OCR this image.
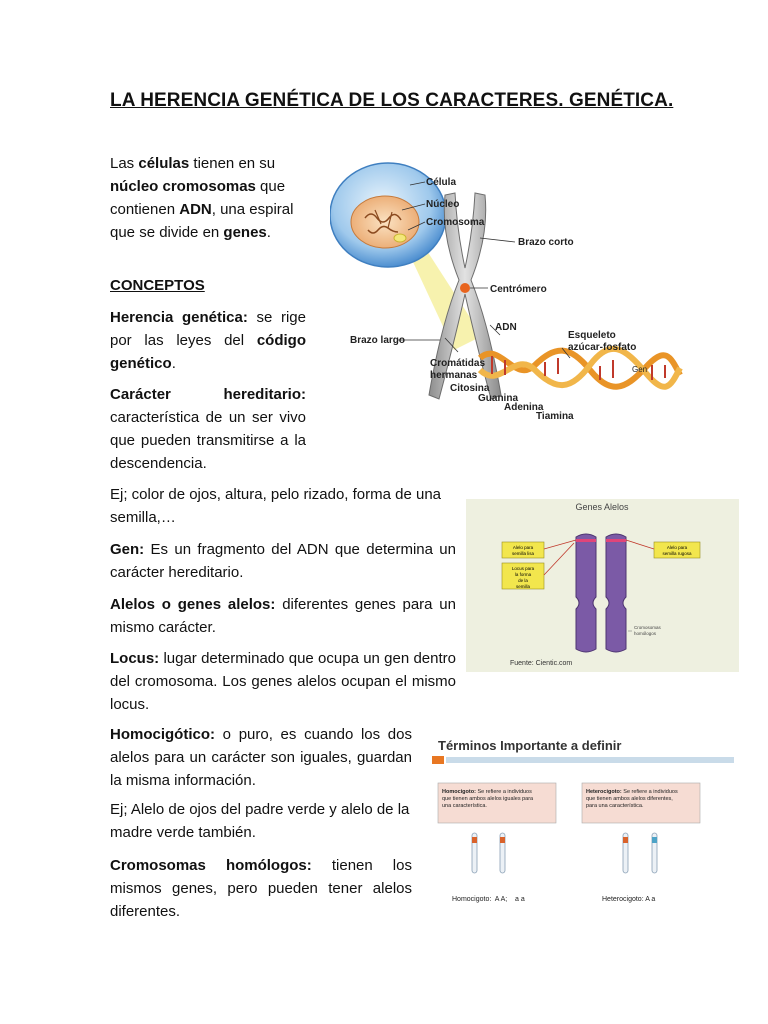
LA HERENCIA GENÉTICA DE LOS CARACTERES. GENÉTICA.

Las células tienen en su
núcleo cromosomas que contienen ADN, una espiral que se divide en genes.

CONCEPTOS

Herencia genética: se rige por las leyes del código genético.

Carácter hereditario: característica de un ser vivo que pueden transmitirse a la descendencia.

Ej; color de ojos, altura, pelo rizado, forma de una semilla,…

Gen: Es un fragmento del ADN que determina un carácter hereditario.

Alelos o genes alelos: diferentes genes para un mismo carácter.

Locus: lugar determinado que ocupa un gen dentro del cromosoma. Los genes alelos ocupan el mismo locus.

Homocigótico: o puro, es cuando los dos alelos para un carácter son iguales, guardan la misma información.

Ej; Alelo de ojos del padre verde y alelo de la madre verde también.

Cromosomas homólogos: tienen los mismos genes, pero pueden tener alelos diferentes.

Célula
Núcleo
Cromosoma
Brazo corto
Centrómero
ADN
Brazo largo	Esqueleto
azúcar-fosfato
Cromátidas
hermanas
Gen
Citosina
Guanina
Adenina
Tiamina
Genes Alelos
Alelo para
semilla lisa
Locus para
la forma
de la
semilla
Alelo para
semilla rugosa
Cromosomas
homólogos
Fuente: Cientic.com
Términos Importante a definir
Homocigoto: Se refiere a individuos
que tienen ambos alelos iguales para
una característica.
Heterocigoto: Se refiere a individuos
que tienen ambos alelos diferentes,
para una característica.
Homocigoto:  A A;    a a	Heterocigoto: A a
